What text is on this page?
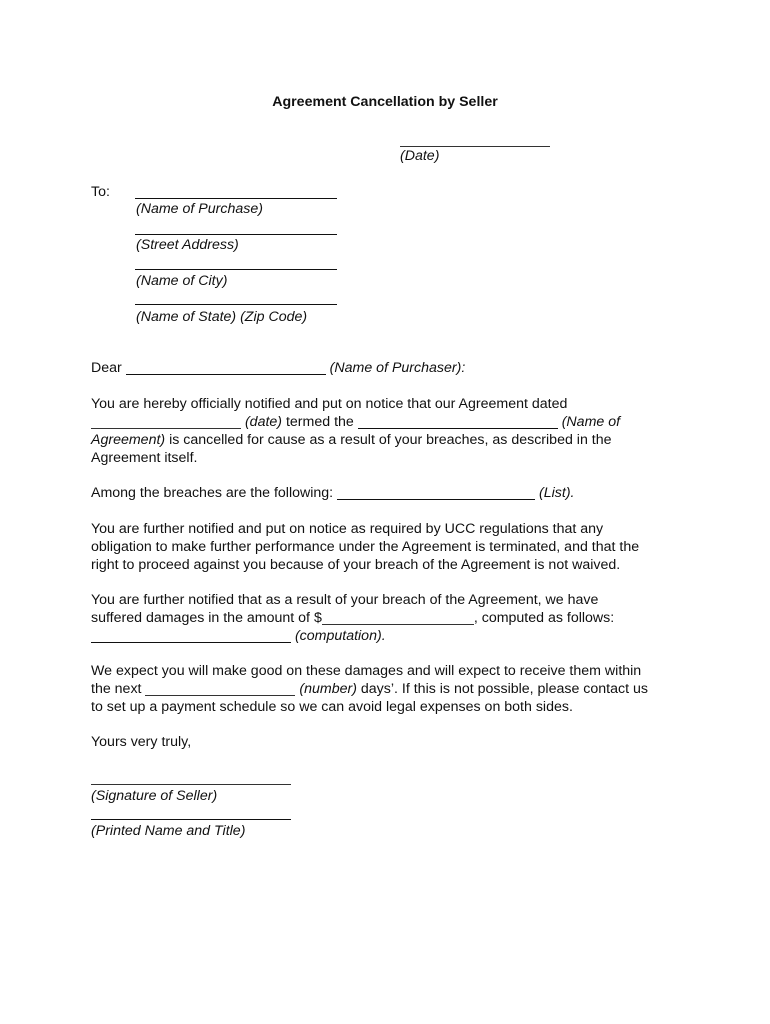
Agreement Cancellation by Seller
(Date)
To:
(Name of Purchase)
(Street Address)
(Name of City)
(Name of State) (Zip Code)
Dear	(Name of Purchaser):
You are hereby officially notified and put on notice that our Agreement dated
(date) termed the	(Name of
Agreement) is cancelled for cause as a result of your breaches, as described in the
Agreement itself.
Among the breaches are the following:	(List).
You are further notified and put on notice as required by UCC regulations that any
obligation to make further performance under the Agreement is terminated, and that the
right to proceed against you because of your breach of the Agreement is not waived.
You are further notified that as a result of your breach of the Agreement, we have
suffered damages in the amount of $	, computed as follows:
(computation).
We expect you will make good on these damages and will expect to receive them within
the next	(number) days’. If this is not possible, please contact us
to set up a payment schedule so we can avoid legal expenses on both sides.
Yours very truly,
(Signature of Seller)
(Printed Name and Title)
